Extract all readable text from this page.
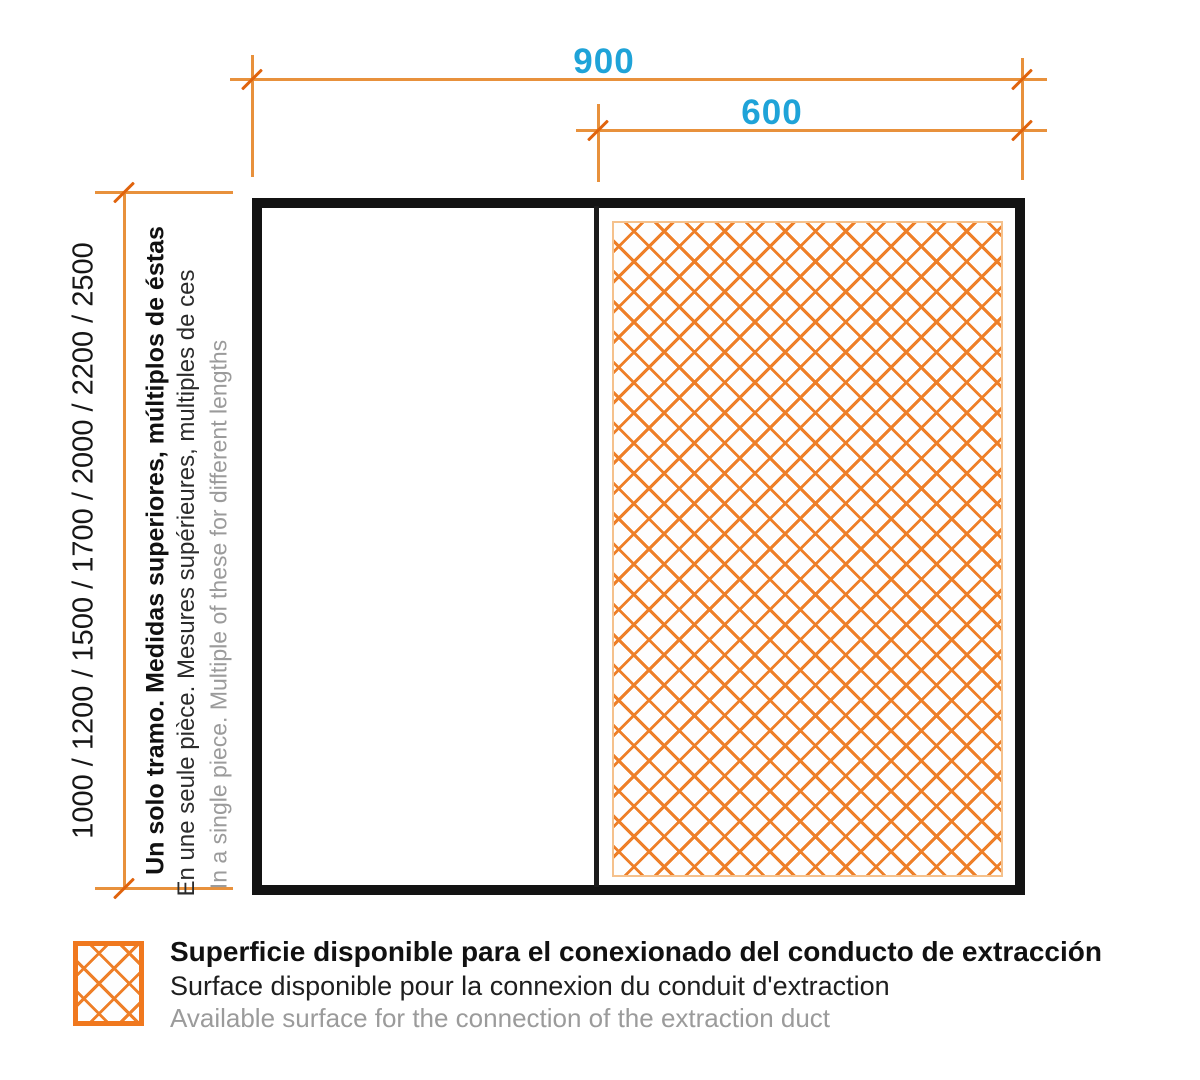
900
600
1000 / 1200 / 1500 / 1700 / 2000 / 2200 / 2500 Un solo tramo. Medidas superiores, múltiplos de éstas En une seule pièce. Mesures supérieures, multiples de ces In a single piece. Multiple of these for different lengths
Superficie disponible para el conexionado del conducto de extracción
Surface disponible pour la connexion du conduit d'extraction
Available surface for the connection of the extraction duct
